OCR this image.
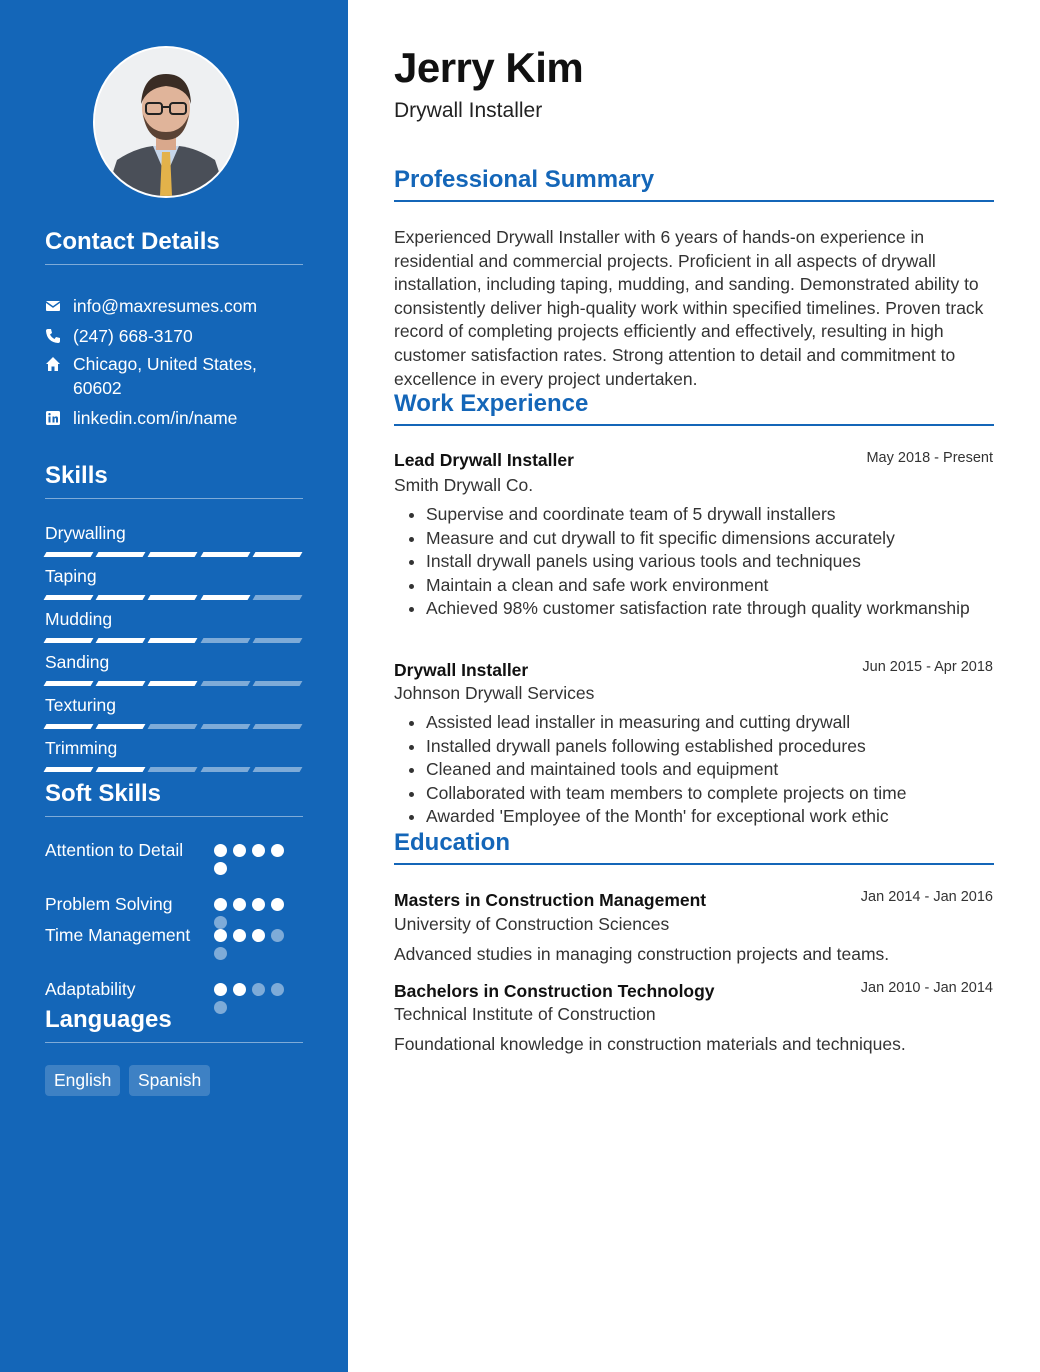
Contact Details
info@maxresumes.com
(247) 668-3170
Chicago, United States,
60602
linkedin.com/in/name
Skills
Drywalling
Taping
Mudding
Sanding
Texturing
Trimming
Soft Skills
Attention to Detail
Problem Solving
Time Management
Adaptability
Languages
English	Spanish
Jerry Kim
Drywall Installer
Professional Summary
Experienced Drywall Installer with 6 years of hands-on experience in residential and commercial projects. Proficient in all aspects of drywall installation, including taping, mudding, and sanding. Demonstrated ability to consistently deliver high-quality work within specified timelines. Proven track record of completing projects efficiently and effectively, resulting in high customer satisfaction rates. Strong attention to detail and commitment to excellence in every project undertaken.
Work Experience
Lead Drywall Installer	May 2018 - Present
Smith Drywall Co.
• Supervise and coordinate team of 5 drywall installers
• Measure and cut drywall to fit specific dimensions accurately
• Install drywall panels using various tools and techniques
• Maintain a clean and safe work environment
• Achieved 98% customer satisfaction rate through quality workmanship
Drywall Installer	Jun 2015 - Apr 2018
Johnson Drywall Services
• Assisted lead installer in measuring and cutting drywall
• Installed drywall panels following established procedures
• Cleaned and maintained tools and equipment
• Collaborated with team members to complete projects on time
• Awarded 'Employee of the Month' for exceptional work ethic
Education
Masters in Construction Management	Jan 2014 - Jan 2016
University of Construction Sciences
Advanced studies in managing construction projects and teams.
Bachelors in Construction Technology	Jan 2010 - Jan 2014
Technical Institute of Construction
Foundational knowledge in construction materials and techniques.
